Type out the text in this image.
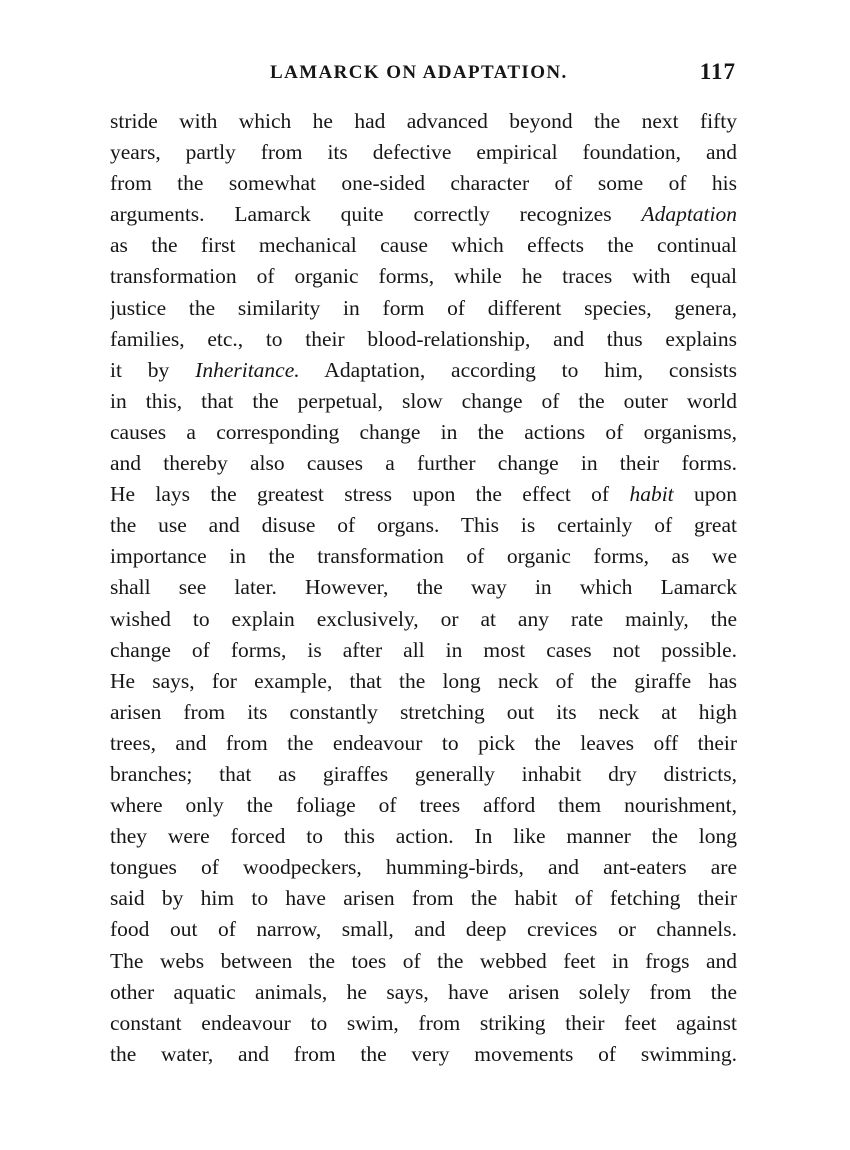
LAMARCK ON ADAPTATION.	117
stride with which he had advanced beyond the next fifty
years, partly from its defective empirical foundation, and
from the somewhat one-sided character of some of his
arguments. Lamarck quite correctly recognizes Adaptation
as the first mechanical cause which effects the continual
transformation of organic forms, while he traces with equal
justice the similarity in form of different species, genera,
families, etc., to their blood-relationship, and thus explains
it by Inheritance. Adaptation, according to him, consists
in this, that the perpetual, slow change of the outer world
causes a corresponding change in the actions of organisms,
and thereby also causes a further change in their forms.
He lays the greatest stress upon the effect of habit upon
the use and disuse of organs. This is certainly of great
importance in the transformation of organic forms, as we
shall see later. However, the way in which Lamarck
wished to explain exclusively, or at any rate mainly, the
change of forms, is after all in most cases not possible.
He says, for example, that the long neck of the giraffe has
arisen from its constantly stretching out its neck at high
trees, and from the endeavour to pick the leaves off their
branches; that as giraffes generally inhabit dry districts,
where only the foliage of trees afford them nourishment,
they were forced to this action. In like manner the long
tongues of woodpeckers, humming-birds, and ant-eaters are
said by him to have arisen from the habit of fetching their
food out of narrow, small, and deep crevices or channels.
The webs between the toes of the webbed feet in frogs and
other aquatic animals, he says, have arisen solely from the
constant endeavour to swim, from striking their feet against
the water, and from the very movements of swimming.
